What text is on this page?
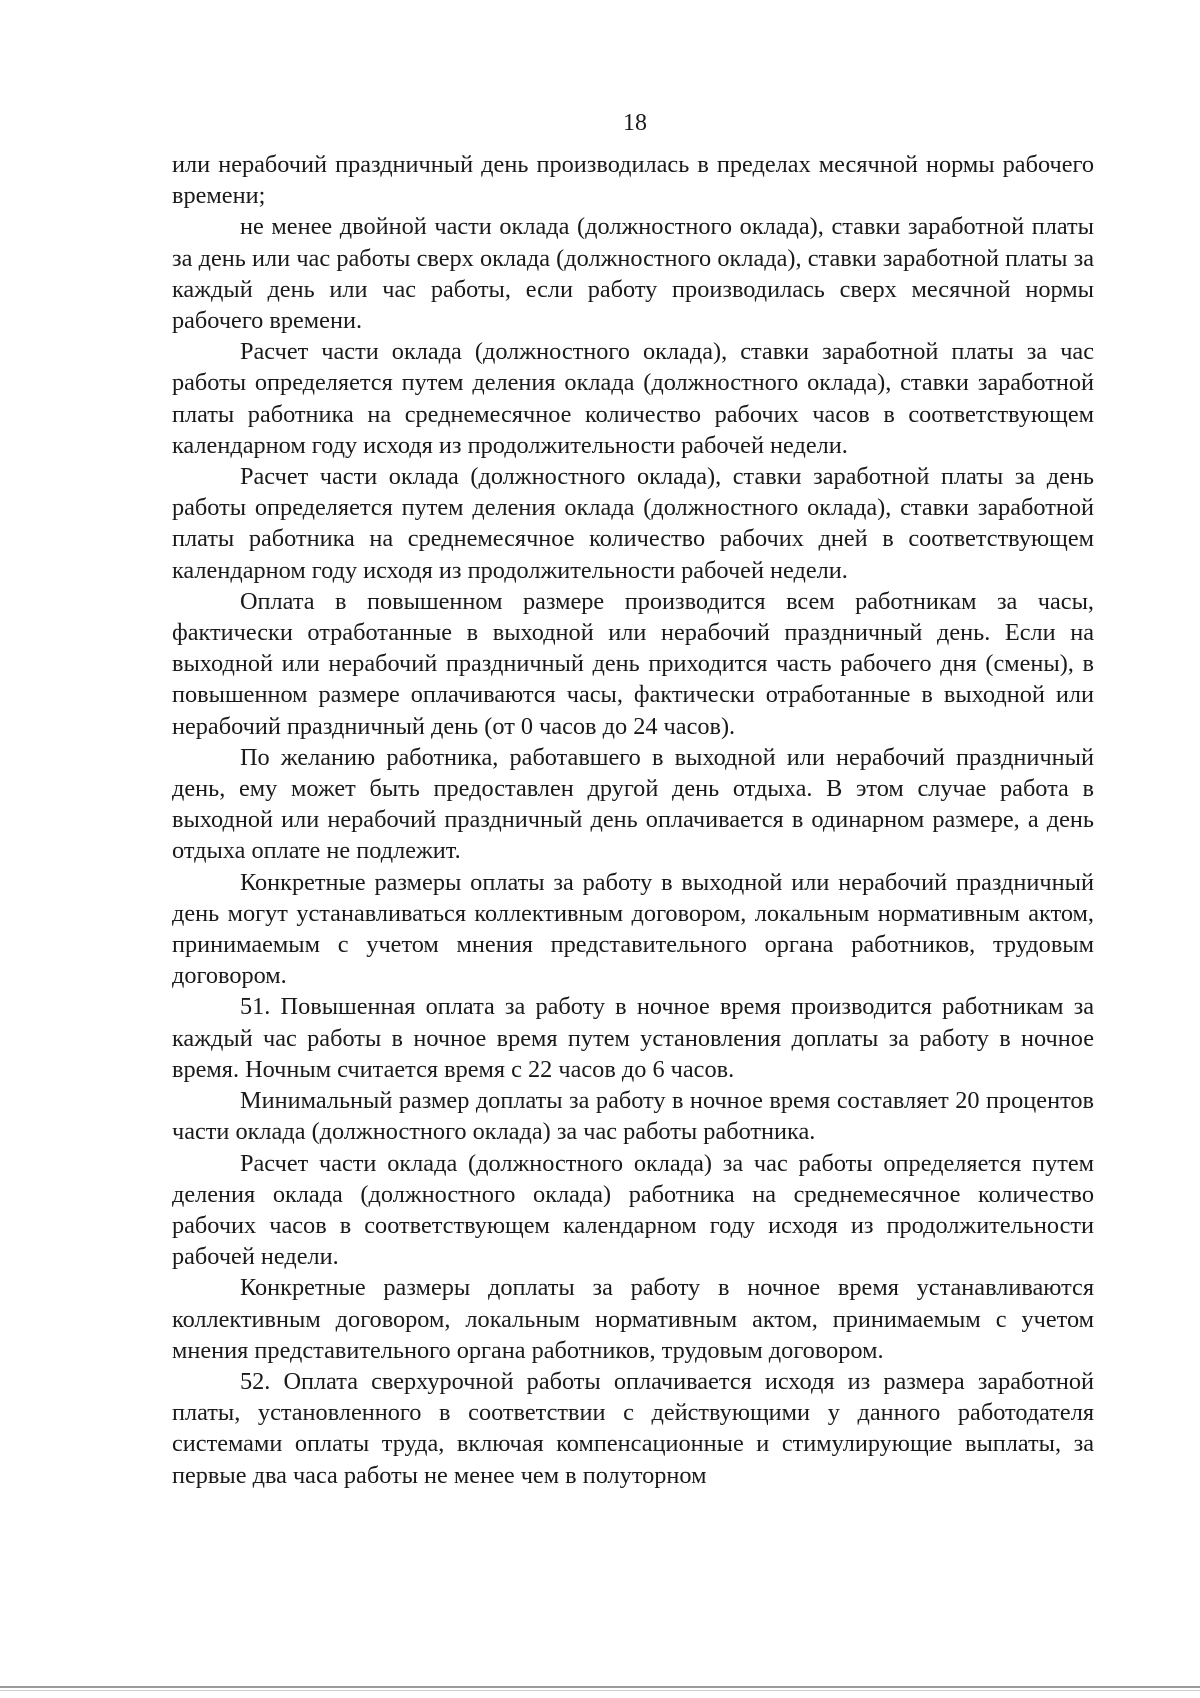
18

или нерабочий праздничный день производилась в пределах месячной нормы рабочего времени;

не менее двойной части оклада (должностного оклада), ставки заработной платы за день или час работы сверх оклада (должностного оклада), ставки заработной платы за каждый день или час работы, если работу производилась сверх месячной нормы рабочего времени.

Расчет части оклада (должностного оклада), ставки заработной платы за час работы определяется путем деления оклада (должностного оклада), ставки заработной платы работника на среднемесячное количество рабочих часов в соответствующем календарном году исходя из продолжительности рабочей недели.

Расчет части оклада (должностного оклада), ставки заработной платы за день работы определяется путем деления оклада (должностного оклада), ставки заработной платы работника на среднемесячное количество рабочих дней в соответствующем календарном году исходя из продолжительности рабочей недели.

Оплата в повышенном размере производится всем работникам за часы, фактически отработанные в выходной или нерабочий праздничный день. Если на выходной или нерабочий праздничный день приходится часть рабочего дня (смены), в повышенном размере оплачиваются часы, фактически отработанные в выходной или нерабочий праздничный день (от 0 часов до 24 часов).

По желанию работника, работавшего в выходной или нерабочий праздничный день, ему может быть предоставлен другой день отдыха. В этом случае работа в выходной или нерабочий праздничный день оплачивается в одинарном размере, а день отдыха оплате не подлежит.

Конкретные размеры оплаты за работу в выходной или нерабочий праздничный день могут устанавливаться коллективным договором, локальным нормативным актом, принимаемым с учетом мнения представительного органа работников, трудовым договором.

51. Повышенная оплата за работу в ночное время производится работникам за каждый час работы в ночное время путем установления доплаты за работу в ночное время. Ночным считается время с 22 часов до 6 часов.

Минимальный размер доплаты за работу в ночное время составляет 20 процентов части оклада (должностного оклада) за час работы работника.

Расчет части оклада (должностного оклада) за час работы определяется путем деления оклада (должностного оклада) работника на среднемесячное количество рабочих часов в соответствующем календарном году исходя из продолжительности рабочей недели.

Конкретные размеры доплаты за работу в ночное время устанавливаются коллективным договором, локальным нормативным актом, принимаемым с учетом мнения представительного органа работников, трудовым договором.

52. Оплата сверхурочной работы оплачивается исходя из размера заработной платы, установленного в соответствии с действующими у данного работодателя системами оплаты труда, включая компенсационные и стимулирующие выплаты, за первые два часа работы не менее чем в полуторном
